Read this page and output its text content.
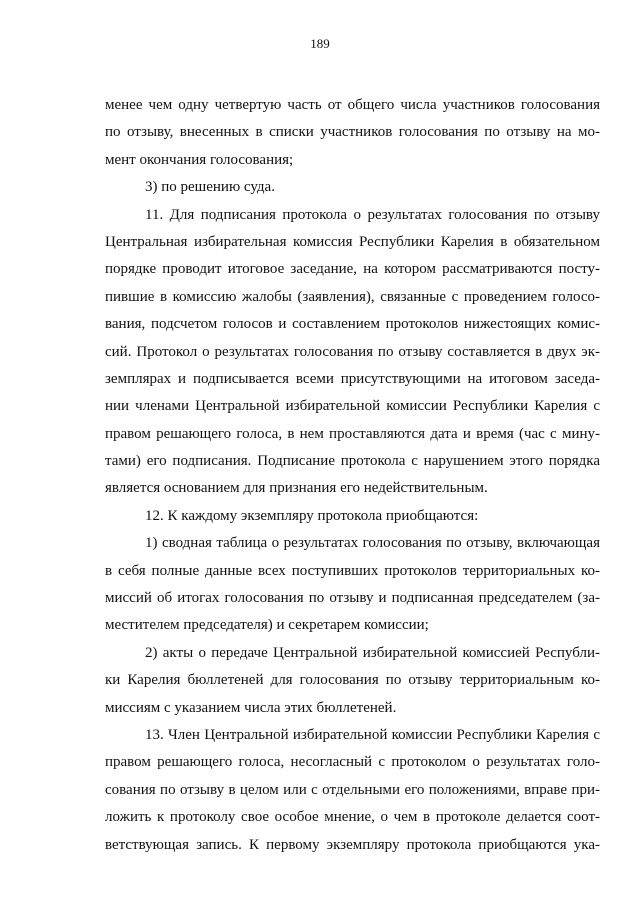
189
менее чем одну четвертую часть от общего числа участников голосования
по отзыву, внесенных в списки участников голосования по отзыву на мо-
мент окончания голосования;
3) по решению суда.
11. Для подписания протокола о результатах голосования по отзыву
Центральная избирательная комиссия Республики Карелия в обязательном
порядке проводит итоговое заседание, на котором рассматриваются посту-
пившие в комиссию жалобы (заявления), связанные с проведением голосо-
вания, подсчетом голосов и составлением протоколов нижестоящих комис-
сий. Протокол о результатах голосования по отзыву составляется в двух эк-
земплярах и подписывается всеми присутствующими на итоговом заседа-
нии членами Центральной избирательной комиссии Республики Карелия с
правом решающего голоса, в нем проставляются дата и время (час с мину-
тами) его подписания. Подписание протокола с нарушением этого порядка
является основанием для признания его недействительным.
12. К каждому экземпляру протокола приобщаются:
1) сводная таблица о результатах голосования по отзыву, включающая
в себя полные данные всех поступивших протоколов территориальных ко-
миссий об итогах голосования по отзыву и подписанная председателем (за-
местителем председателя) и секретарем комиссии;
2) акты о передаче Центральной избирательной комиссией Республи-
ки Карелия бюллетеней для голосования по отзыву территориальным ко-
миссиям с указанием числа этих бюллетеней.
13. Член Центральной избирательной комиссии Республики Карелия с
правом решающего голоса, несогласный с протоколом о результатах голо-
сования по отзыву в целом или с отдельными его положениями, вправе при-
ложить к протоколу свое особое мнение, о чем в протоколе делается соот-
ветствующая запись. К первому экземпляру протокола приобщаются ука-
